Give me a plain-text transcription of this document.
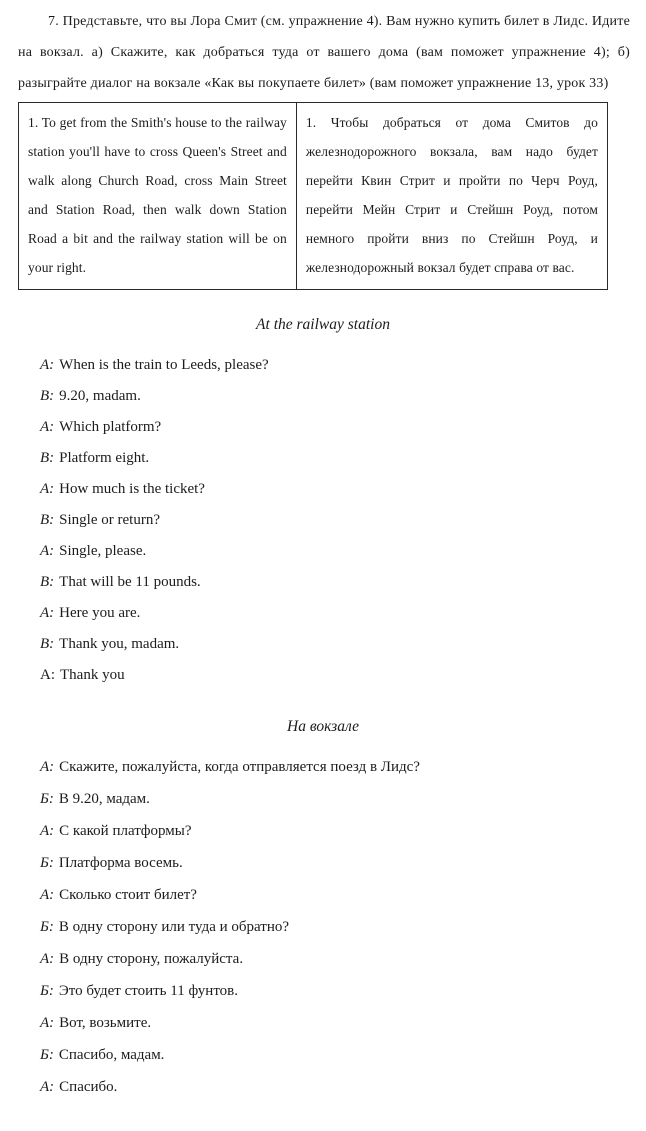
7. Представьте, что вы Лора Смит (см. упражнение 4). Вам нужно купить билет в Лидс. Идите на вокзал. а) Скажите, как добраться туда от вашего дома (вам поможет упражнение 4); б) разыграйте диалог на вокзале «Как вы покупаете билет» (вам поможет упражнение 13, урок 33)

1. To get from the Smith's house to the railway station you'll have to cross Queen's Street and walk along Church Road, cross Main Street and Station Road, then walk down Station Road a bit and the railway station will be on your right.	1. Чтобы добраться от дома Смитов до железнодорожного вокзала, вам надо будет перейти Квин Стрит и пройти по Черч Роуд, перейти Мейн Стрит и Стейшн Роуд, потом немного пройти вниз по Стейшн Роуд, и железнодорожный вокзал будет справа от вас.

At the railway station

A: When is the train to Leeds, please?
B: 9.20, madam.
A: Which platform?
B: Platform eight.
A: How much is the ticket?
B: Single or return?
A: Single, please.
B: That will be 11 pounds.
A: Here you are.
B: Thank you, madam.
A: Thank you

На вокзале

А: Скажите, пожалуйста, когда отправляется поезд в Лидс?
Б: В 9.20, мадам.
А: С какой платформы?
Б: Платформа восемь.
А: Сколько стоит билет?
Б: В одну сторону или туда и обратно?
А: В одну сторону, пожалуйста.
Б: Это будет стоить 11 фунтов.
А: Вот, возьмите.
Б: Спасибо, мадам.
А: Спасибо.
